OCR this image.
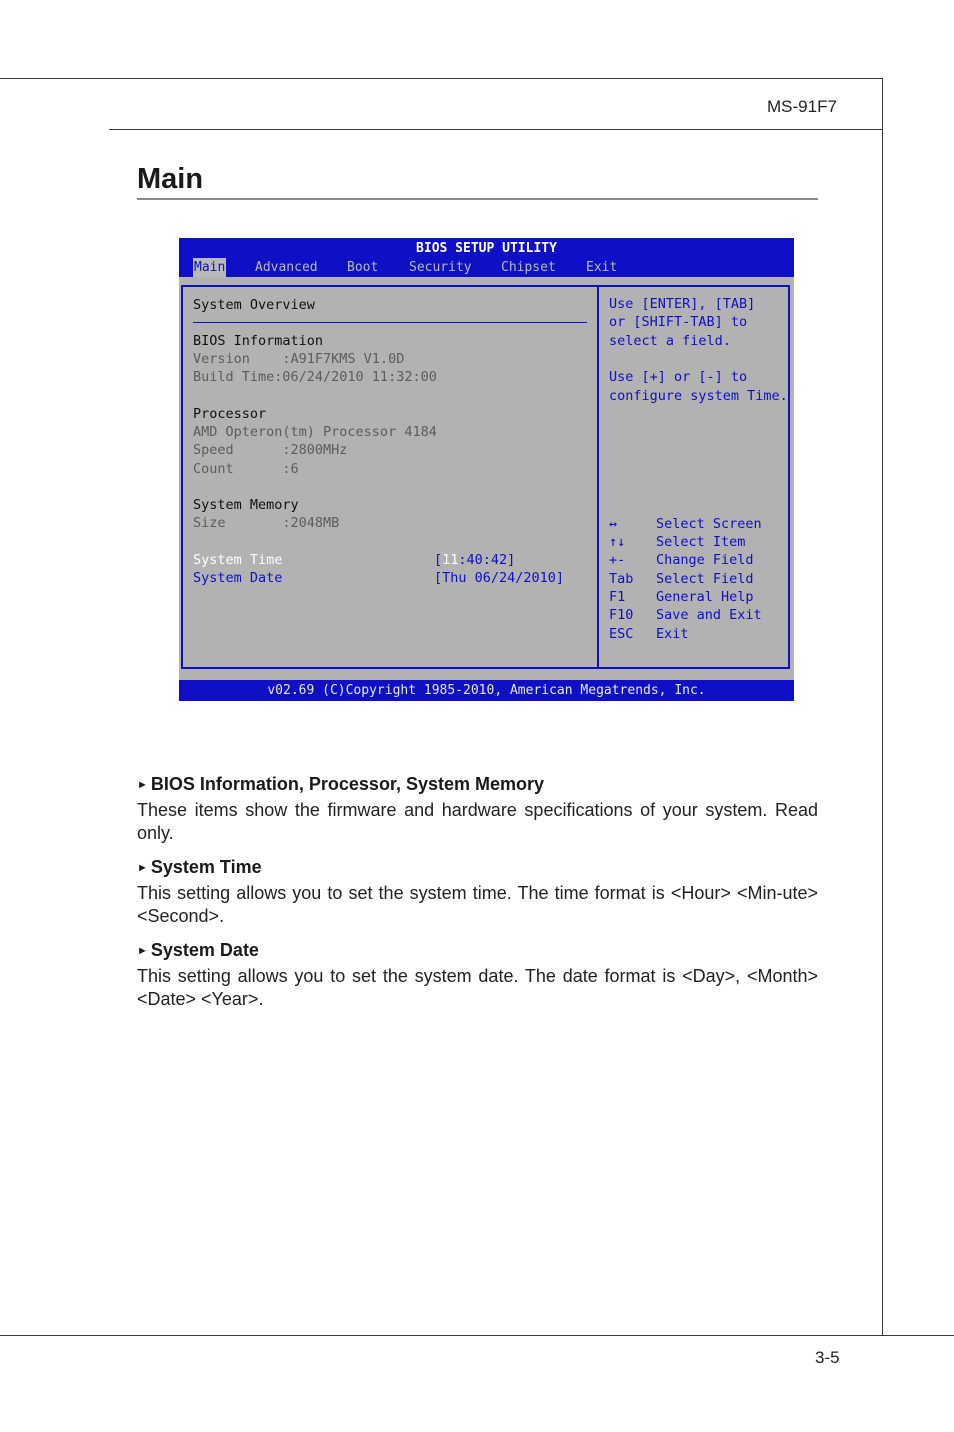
MS-91F7
Main
BIOS SETUP UTILITY
Main Advanced Boot Security Chipset Exit
System Overview
BIOS Information
Version    :A91F7KMS V1.0D
Build Time:06/24/2010 11:32:00
Processor
AMD Opteron(tm) Processor 4184
Speed      :2800MHz
Count      :6
System Memory
Size       :2048MB
System Time	[11:40:42]
System Date	[Thu 06/24/2010]
Use [ENTER], [TAB]
or [SHIFT-TAB] to
select a field.
Use [+] or [-] to
configure system Time.
↔	Select Screen
↑↓ Select Item
+- Change Field
Tab Select Field
F1 General Help
F10 Save and Exit
ESC Exit
v02.69 (C)Copyright 1985-2010, American Megatrends, Inc.
► BIOS Information, Processor, System Memory
These items show the firmware and hardware specifications of your system. Read only.
► System Time
This setting allows you to set the system time. The time format is <Hour> <Min-ute> <Second>.
► System Date
This setting allows you to set the system date. The date format is <Day>, <Month> <Date> <Year>.
3-5
